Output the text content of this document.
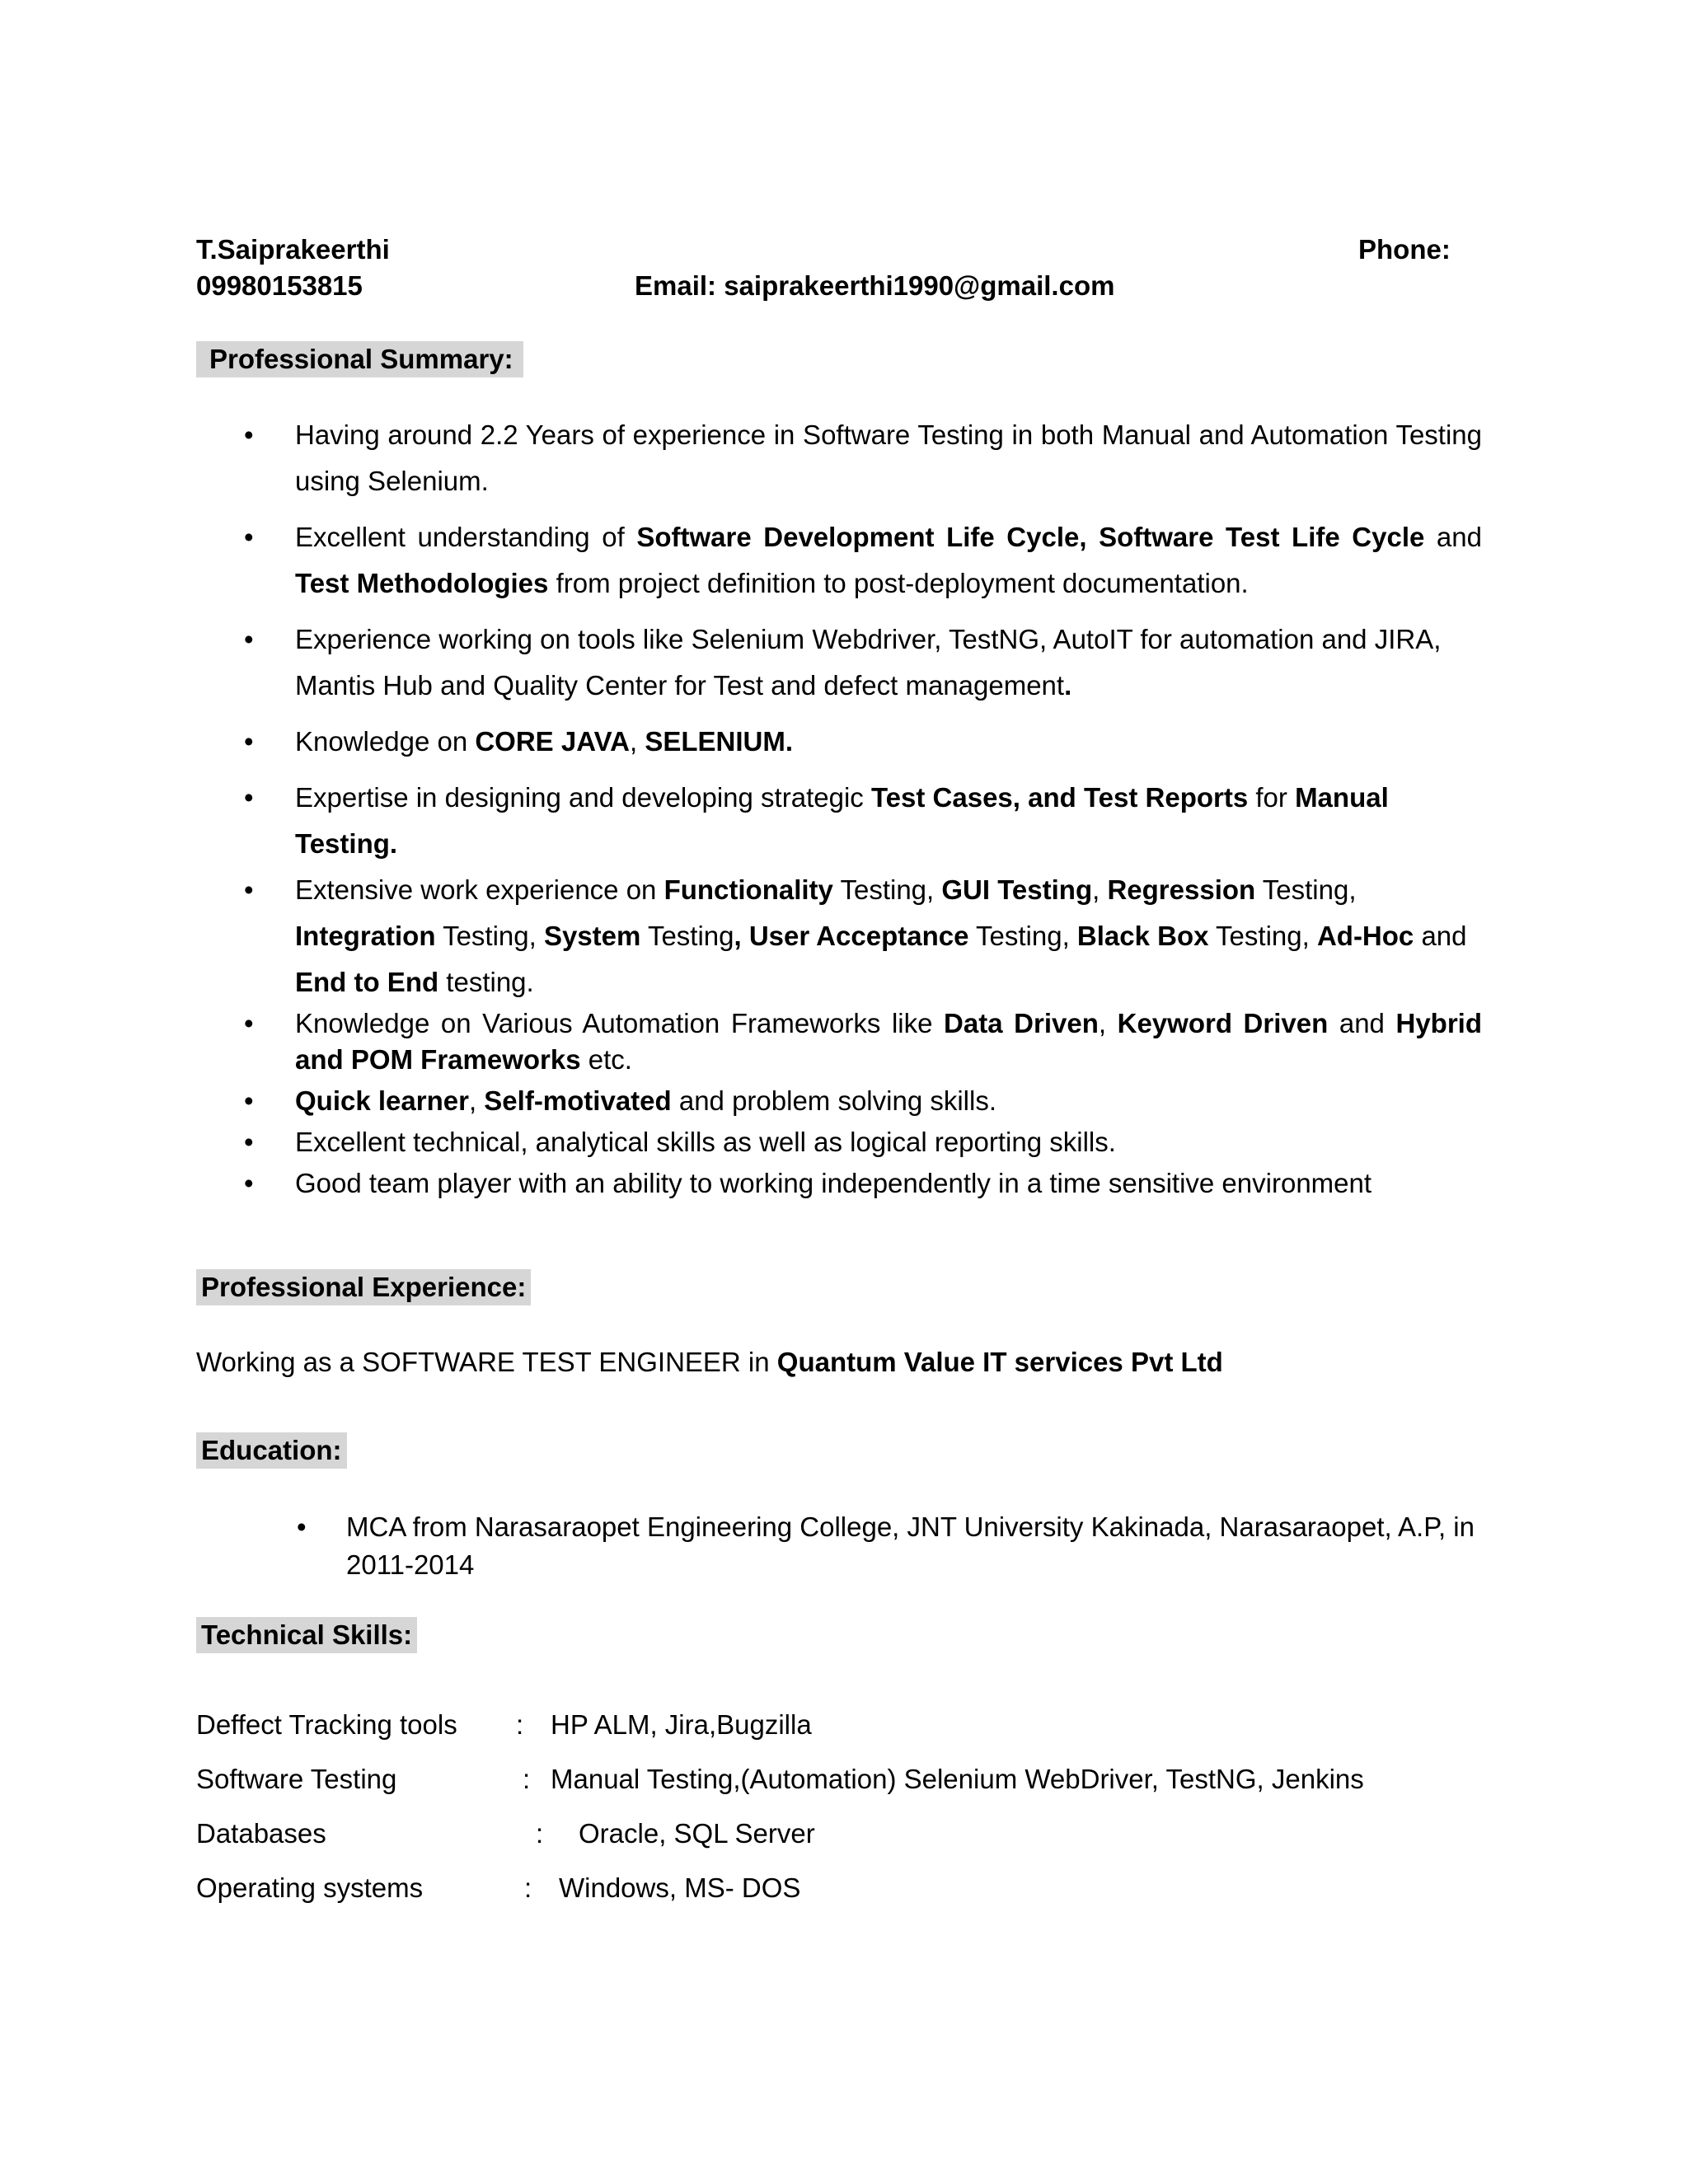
T.Saiprakeerthi	Phone:
09980153815	Email: saiprakeerthi1990@gmail.com
Professional Summary:
• Having around 2.2 Years of experience in Software Testing in both Manual and Automation Testing using Selenium.
• Excellent understanding of Software Development Life Cycle, Software Test Life Cycle and Test Methodologies from project definition to post-deployment documentation.
• Experience working on tools like Selenium Webdriver, TestNG, AutoIT for automation and JIRA, Mantis Hub and Quality Center for Test and defect management.
• Knowledge on CORE JAVA, SELENIUM.
• Expertise in designing and developing strategic Test Cases, and Test Reports for Manual Testing.
• Extensive work experience on Functionality Testing, GUI Testing, Regression Testing, Integration Testing, System Testing, User Acceptance Testing, Black Box Testing, Ad-Hoc and End to End testing.
• Knowledge on Various Automation Frameworks like Data Driven, Keyword Driven and Hybrid and POM Frameworks etc.
• Quick learner, Self-motivated and problem solving skills.
• Excellent technical, analytical skills as well as logical reporting skills.
• Good team player with an ability to working independently in a time sensitive environment
Professional Experience:
Working as a SOFTWARE TEST ENGINEER in Quantum Value IT services Pvt Ltd
Education:
•	MCA from Narasaraopet Engineering College, JNT University Kakinada, Narasaraopet, A.P, in 2011-2014
Technical Skills:
Deffect Tracking tools : HP ALM, Jira,Bugzilla
Software Testing	: Manual Testing,(Automation) Selenium WebDriver, TestNG, Jenkins
Databases	: Oracle, SQL Server
Operating systems	: Windows, MS- DOS
